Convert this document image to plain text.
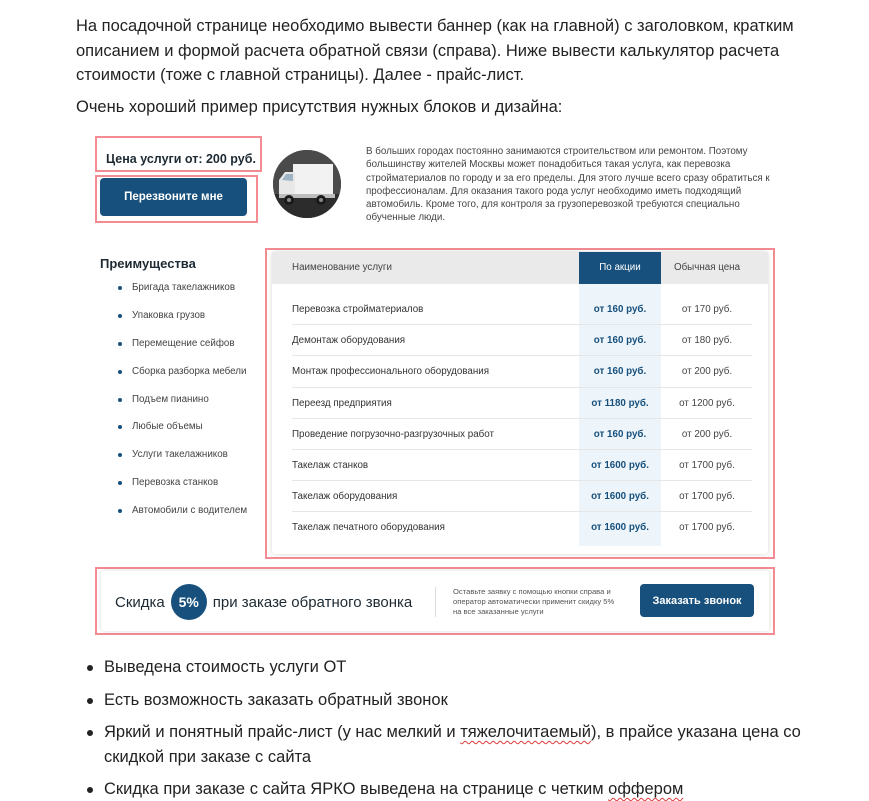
На посадочной странице необходимо вывести баннер (как на главной) с заголовком, кратким описанием и формой расчета обратной связи (справа). Ниже вывести калькулятор расчета стоимости (тоже с главной страницы). Далее - прайс-лист.

Очень хороший пример присутствия нужных блоков и дизайна:

Цена услуги от: 200 руб.
Перезвоните мне

В больших городах постоянно занимаются строительством или ремонтом. Поэтому большинству жителей Москвы может понадобиться такая услуга, как перевозка стройматериалов по городу и за его пределы. Для этого лучше всего сразу обратиться к профессионалам. Для оказания такого рода услуг необходимо иметь подходящий автомобиль. Кроме того, для контроля за грузоперевозкой требуются специально обученные люди.

Преимущества
Бригада такелажников
Упаковка грузов
Перемещение сейфов
Сборка разборка мебели
Подъем пианино
Любые объемы
Услуги такелажников
Перевозка станков
Автомобили с водителем
Наименование услуги	По акции	Обычная цена
Перевозка стройматериалов	от 160 руб.	от 170 руб.
Демонтаж оборудования	от 160 руб.	от 180 руб.
Монтаж профессионального оборудования	от 160 руб.	от 200 руб.
Переезд предприятия	от 1180 руб.	от 1200 руб.
Проведение погрузочно-разгрузочных работ	от 160 руб.	от 200 руб.
Такелаж станков	от 1600 руб.	от 1700 руб.
Такелаж оборудования	от 1600 руб.	от 1700 руб.
Такелаж печатного оборудования	от 1600 руб.	от 1700 руб.
Скидка 5% при заказе обратного звонка

Оставьте заявку с помощью кнопки справа и оператор автоматически применит скидку 5% на все заказанные услуги

Заказать звонок
Выведена стоимость услуги ОТ
Есть возможность заказать обратный звонок
Яркий и понятный прайс-лист (у нас мелкий и тяжелочитаемый), в прайсе указана цена со скидкой при заказе с сайта
Скидка при заказе с сайта ЯРКО выведена на странице с четким оффером
